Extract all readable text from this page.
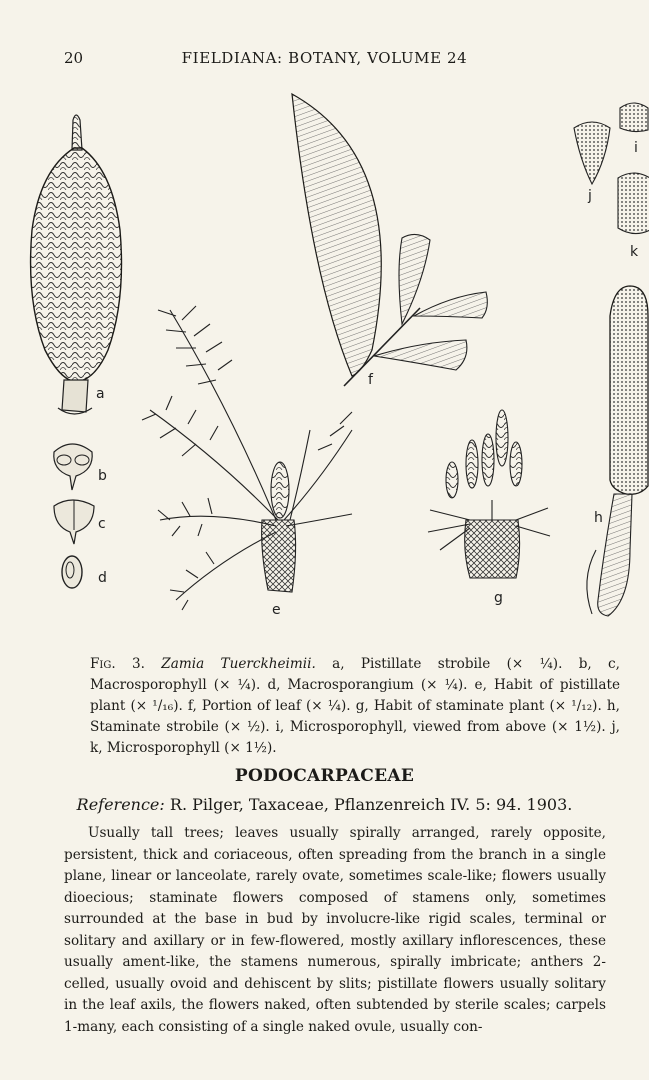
20	FIELDIANA: BOTANY, VOLUME 24
a
b
c
d
f
e
g
i
j
k
h
Fig. 3. Zamia Tuerckheimii. a, Pistillate strobile (× ¼). b, c, Macrosporophyll (× ¼). d, Macrosporangium (× ¼). e, Habit of pistillate plant (× ¹/₁₆). f, Portion of leaf (× ¼). g, Habit of staminate plant (× ¹/₁₂). h, Staminate strobile (× ½). i, Microsporophyll, viewed from above (× 1½). j, k, Microsporophyll (× 1½).
PODOCARPACEAE
Reference: R. Pilger, Taxaceae, Pflanzenreich IV. 5: 94. 1903.
Usually tall trees; leaves usually spirally arranged, rarely opposite, persistent, thick and coriaceous, often spreading from the branch in a single plane, linear or lanceolate, rarely ovate, sometimes scale-like; flowers usually dioecious; staminate flowers composed of stamens only, sometimes surrounded at the base in bud by involucre-like rigid scales, terminal or solitary and axillary or in few-flowered, mostly axillary inflorescences, these usually ament-like, the stamens numerous, spirally imbricate; anthers 2-celled, usually ovoid and dehiscent by slits; pistillate flowers usually solitary in the leaf axils, the flowers naked, often subtended by sterile scales; carpels 1-many, each consisting of a single naked ovule, usually con-
